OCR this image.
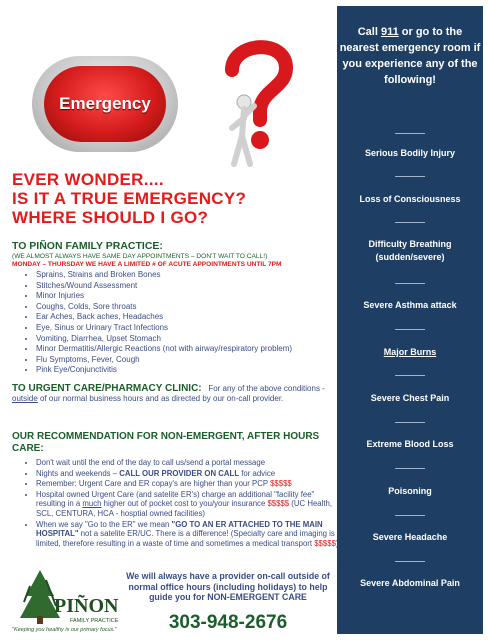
Emergency
EVER WONDER....
IS IT A TRUE EMERGENCY?
WHERE SHOULD I GO?
TO PIÑON FAMILY PRACTICE:
(WE ALMOST ALWAYS HAVE SAME DAY APPOINTMENTS – DON'T WAIT TO CALL!)
MONDAY – THURSDAY WE HAVE A LIMITED # OF ACUTE APPOINTMENTS UNTIL 7PM
• Sprains, Strains and Broken Bones
• Stitches/Wound Assessment
• Minor Injuries
• Coughs, Colds, Sore throats
• Ear Aches, Back aches, Headaches
• Eye, Sinus or Urinary Tract Infections
• Vomiting, Diarrhea, Upset Stomach
• Minor Dermatitis/Allergic Reactions (not with airway/respiratory problem)
• Flu Symptoms, Fever, Cough
• Pink Eye/Conjunctivitis
TO URGENT CARE/PHARMACY CLINIC: For any of the above conditions - outside of our normal business hours and as directed by our on-call provider.
OUR RECOMMENDATION FOR NON-EMERGENT, AFTER HOURS CARE:
• Don't wait until the end of the day to call us/send a portal message
• Nights and weekends – CALL OUR PROVIDER ON CALL for advice
• Remember: Urgent Care and ER copay's are higher than your PCP $$$$$
• Hospital owned Urgent Care (and satelite ER's) charge an additional "facility fee" resulting in a much higher out of pocket cost to you/your insurance $$$$$ (UC Health, SCL, CENTURA, HCA - hosptial owned facilities)
• When we say "Go to the ER" we mean "GO TO AN ER ATTACHED TO THE MAIN HOSPITAL" not a satelite ER/UC. There is a difference! (Specialty care and imaging is limited, therefore resulting in a waste of time and sometimes a medical transport $$$$$
PIÑON
FAMILY PRACTICE
"Keeping you healthy is our primary focus."
We will always have a provider on-call outside of normal office hours (including holidays) to help guide you for NON-EMERGENT CARE
303-948-2676
Call 911 or go to the nearest emergency room if you experience any of the following!
Serious Bodily Injury
Loss of Consciousness
Difficulty Breathing (sudden/severe)
Severe Asthma attack
Major Burns
Severe Chest Pain
Extreme Blood Loss
Poisoning
Severe Headache
Severe Abdominal Pain
